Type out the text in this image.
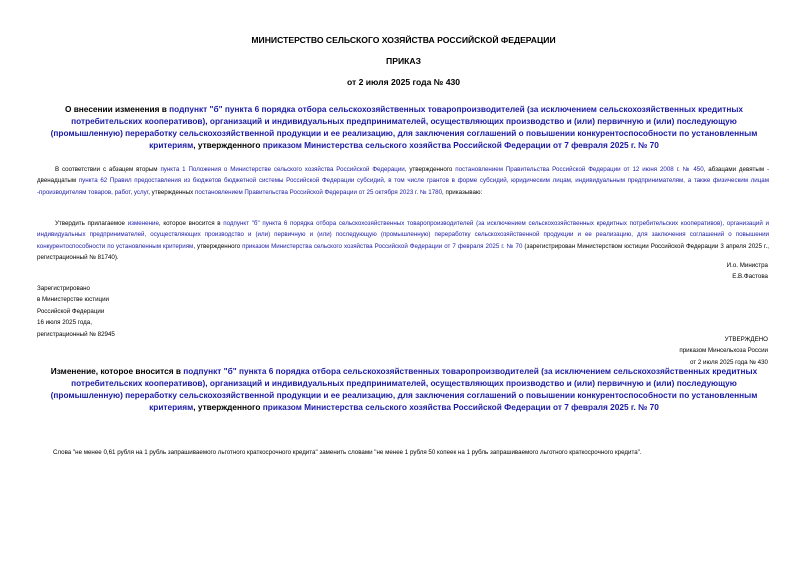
МИНИСТЕРСТВО СЕЛЬСКОГО ХОЗЯЙСТВА РОССИЙСКОЙ ФЕДЕРАЦИИ
ПРИКАЗ
от 2 июля 2025 года № 430
О внесении изменения в подпункт "б" пункта 6 порядка отбора сельскохозяйственных товаропроизводителей (за исключением сельскохозяйственных кредитных потребительских кооперативов), организаций и индивидуальных предпринимателей, осуществляющих производство и (или) первичную и (или) последующую (промышленную) переработку сельскохозяйственной продукции и ее реализацию, для заключения соглашений о повышении конкурентоспособности по установленным критериям, утвержденного приказом Министерства сельского хозяйства Российской Федерации от 7 февраля 2025 г. № 70
В соответствии с абзацем вторым пункта 1 Положения о Министерстве сельского хозяйства Российской Федерации, утвержденного постановлением Правительства Российской Федерации от 12 июня 2008 г. № 450, абзацами девятым - двенадцатым пункта 62 Правил предоставления из бюджетов бюджетной системы Российской Федерации субсидий, в том числе грантов в форме субсидий, юридическим лицам, индивидуальным предпринимателям, а также физическим лицам -производителям товаров, работ, услуг, утвержденных постановлением Правительства Российской Федерации от 25 октября 2023 г. № 1780, приказываю:
Утвердить прилагаемое изменение, которое вносится в подпункт "б" пункта 6 порядка отбора сельскохозяйственных товаропроизводителей (за исключением сельскохозяйственных кредитных потребительских кооперативов), организаций и индивидуальных предпринимателей, осуществляющих производство и (или) первичную и (или) последующую (промышленную) переработку сельскохозяйственной продукции и ее реализацию, для заключения соглашений о повышении конкурентоспособности по установленным критериям, утвержденного приказом Министерства сельского хозяйства Российской Федерации от 7 февраля 2025 г. № 70 (зарегистрирован Министерством юстиции Российской Федерации 3 апреля 2025 г., регистрационный № 81740).
И.о. Министра
Е.В.Фастова
Зарегистрировано
в Министерстве юстиции
Российской Федерации
16 июля 2025 года,
регистрационный № 82945
УТВЕРЖДЕНО
приказом Минсельхоза России
от 2 июля 2025 года № 430
Изменение, которое вносится в подпункт "б" пункта 6 порядка отбора сельскохозяйственных товаропроизводителей (за исключением сельскохозяйственных кредитных потребительских кооперативов), организаций и индивидуальных предпринимателей, осуществляющих производство и (или) первичную и (или) последующую (промышленную) переработку сельскохозяйственной продукции и ее реализацию, для заключения соглашений о повышении конкурентоспособности по установленным критериям, утвержденного приказом Министерства сельского хозяйства Российской Федерации от 7 февраля 2025 г. № 70
Слова "не менее 0,61 рубля на 1 рубль запрашиваемого льготного краткосрочного кредита" заменить словами "не менее 1 рубля 50 копеек на 1 рубль запрашиваемого льготного краткосрочного кредита".
